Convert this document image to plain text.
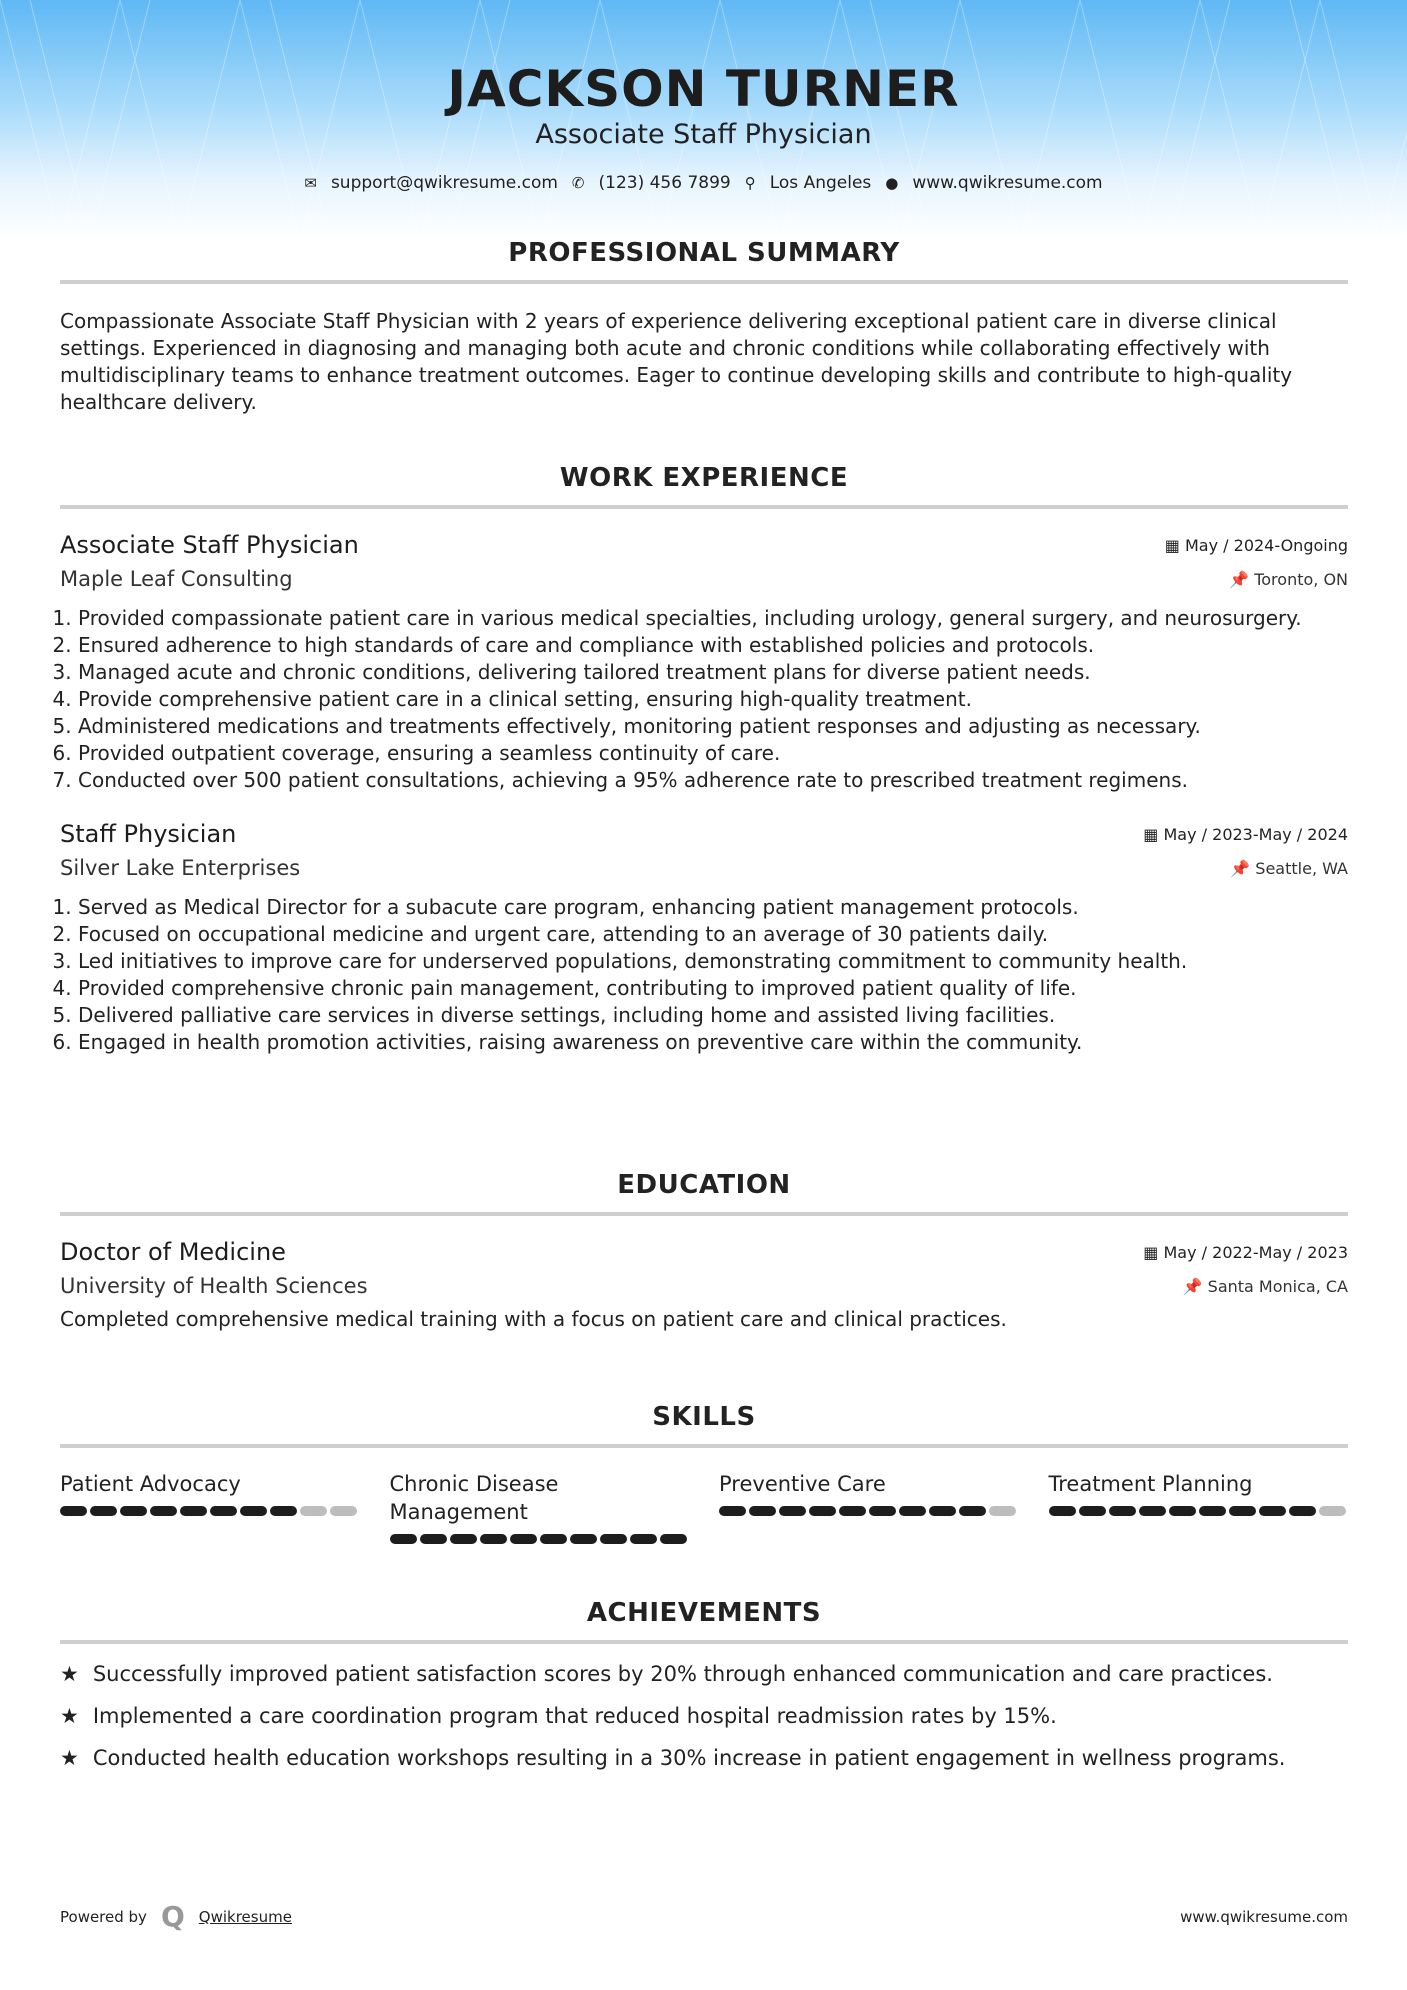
JACKSON TURNER
Associate Staff Physician
✉ support@qwikresume.com ✆ (123) 456 7899 ⚲ Los Angeles ● www.qwikresume.com
PROFESSIONAL SUMMARY
Compassionate Associate Staff Physician with 2 years of experience delivering exceptional patient care in diverse clinical settings. Experienced in diagnosing and managing both acute and chronic conditions while collaborating effectively with multidisciplinary teams to enhance treatment outcomes. Eager to continue developing skills and contribute to high-quality healthcare delivery.
WORK EXPERIENCE
Associate Staff Physician	▦ May / 2024-Ongoing
Maple Leaf Consulting	📌 Toronto, ON
1. Provided compassionate patient care in various medical specialties, including urology, general surgery, and neurosurgery.
2. Ensured adherence to high standards of care and compliance with established policies and protocols.
3. Managed acute and chronic conditions, delivering tailored treatment plans for diverse patient needs.
4. Provide comprehensive patient care in a clinical setting, ensuring high-quality treatment.
5. Administered medications and treatments effectively, monitoring patient responses and adjusting as necessary.
6. Provided outpatient coverage, ensuring a seamless continuity of care.
7. Conducted over 500 patient consultations, achieving a 95% adherence rate to prescribed treatment regimens.
Staff Physician	▦ May / 2023-May / 2024
Silver Lake Enterprises	📌 Seattle, WA
1. Served as Medical Director for a subacute care program, enhancing patient management protocols.
2. Focused on occupational medicine and urgent care, attending to an average of 30 patients daily.
3. Led initiatives to improve care for underserved populations, demonstrating commitment to community health.
4. Provided comprehensive chronic pain management, contributing to improved patient quality of life.
5. Delivered palliative care services in diverse settings, including home and assisted living facilities.
6. Engaged in health promotion activities, raising awareness on preventive care within the community.
EDUCATION
Doctor of Medicine	▦ May / 2022-May / 2023
University of Health Sciences	📌 Santa Monica, CA
Completed comprehensive medical training with a focus on patient care and clinical practices.
SKILLS
Patient Advocacy	Chronic Disease Management
Preventive Care	Treatment Planning
ACHIEVEMENTS
★ Successfully improved patient satisfaction scores by 20% through enhanced communication and care practices.
★ Implemented a care coordination program that reduced hospital readmission rates by 15%.
★ Conducted health education workshops resulting in a 30% increase in patient engagement in wellness programs.
Powered by Q Qwikresume	www.qwikresume.com
